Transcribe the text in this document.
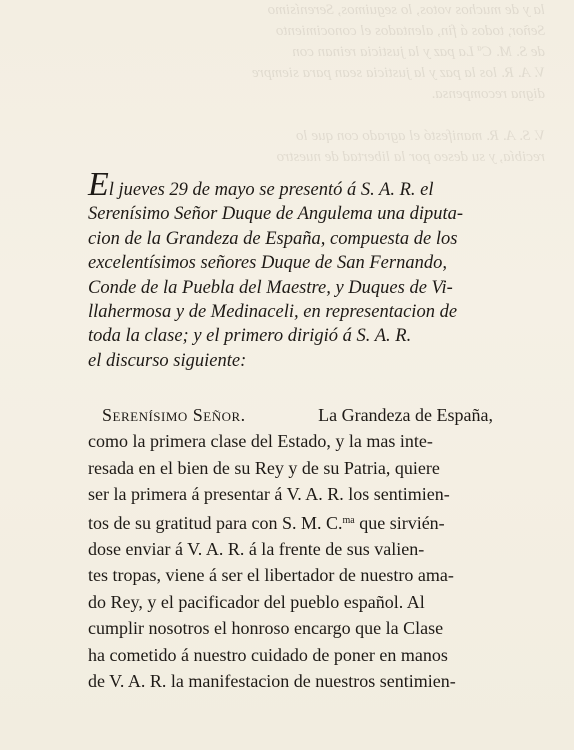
la y de muchos votos, lo seguimos, Serenísimo

Señor, todos á fin, alentados el conocimiento

de S. M. Cª La paz y la justicia reinan con

V. A. R. los la paz y la justicia sean para siempre

digna recompensa.

V. S. A. R. manifestó el agrado con que lo

recibía, y su deseo por la libertad de nuestro

El jueves 29 de mayo se presentó á S. A. R. el
Serenísimo Señor Duque de Angulema una diputa-
cion de la Grandeza de España, compuesta de los
excelentísimos señores Duque de San Fernando,
Conde de la Puebla del Maestre, y Duques de Vi-
llahermosa y de Medinaceli, en representacion de
toda la clase; y el primero dirigió á S. A. R.
el discurso siguiente:
Serenísimo Señor.	La Grandeza de España,
como la primera clase del Estado, y la mas inte-
resada en el bien de su Rey y de su Patria, quiere
ser la primera á presentar á V. A. R. los sentimien-
tos de su gratitud para con S. M. C.$^{ma}$ que sirvién-
dose enviar á V. A. R. á la frente de sus valien-
tes tropas, viene á ser el libertador de nuestro ama-
do Rey, y el pacificador del pueblo español. Al
cumplir nosotros el honroso encargo que la Clase
ha cometido á nuestro cuidado de poner en manos
de V. A. R. la manifestacion de nuestros sentimien-
